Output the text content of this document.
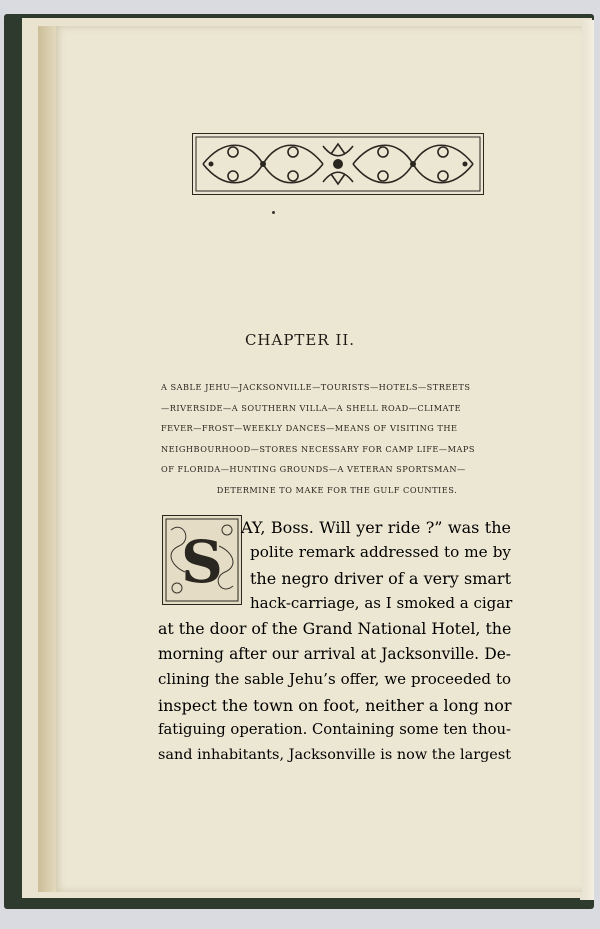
CHAPTER II.
A SABLE JEHU—JACKSONVILLE—TOURISTS—HOTELS—STREETS
—RIVERSIDE—A SOUTHERN VILLA—A SHELL ROAD—CLIMATE
FEVER—FROST—WEEKLY DANCES—MEANS OF VISITING THE
NEIGHBOURHOOD—STORES NECESSARY FOR CAMP LIFE—MAPS
OF FLORIDA—HUNTING GROUNDS—A VETERAN SPORTSMAN—
DETERMINE TO MAKE FOR THE GULF COUNTIES.
S
AY, Boss. Will yer ride ?” was the
polite remark addressed to me by
the negro driver of a very smart
hack-carriage, as I smoked a cigar
at the door of the Grand National Hotel, the
morning after our arrival at Jacksonville. De-
clining the sable Jehu’s offer, we proceeded to
inspect the town on foot, neither a long nor
fatiguing operation. Containing some ten thou-
sand inhabitants, Jacksonville is now the largest
